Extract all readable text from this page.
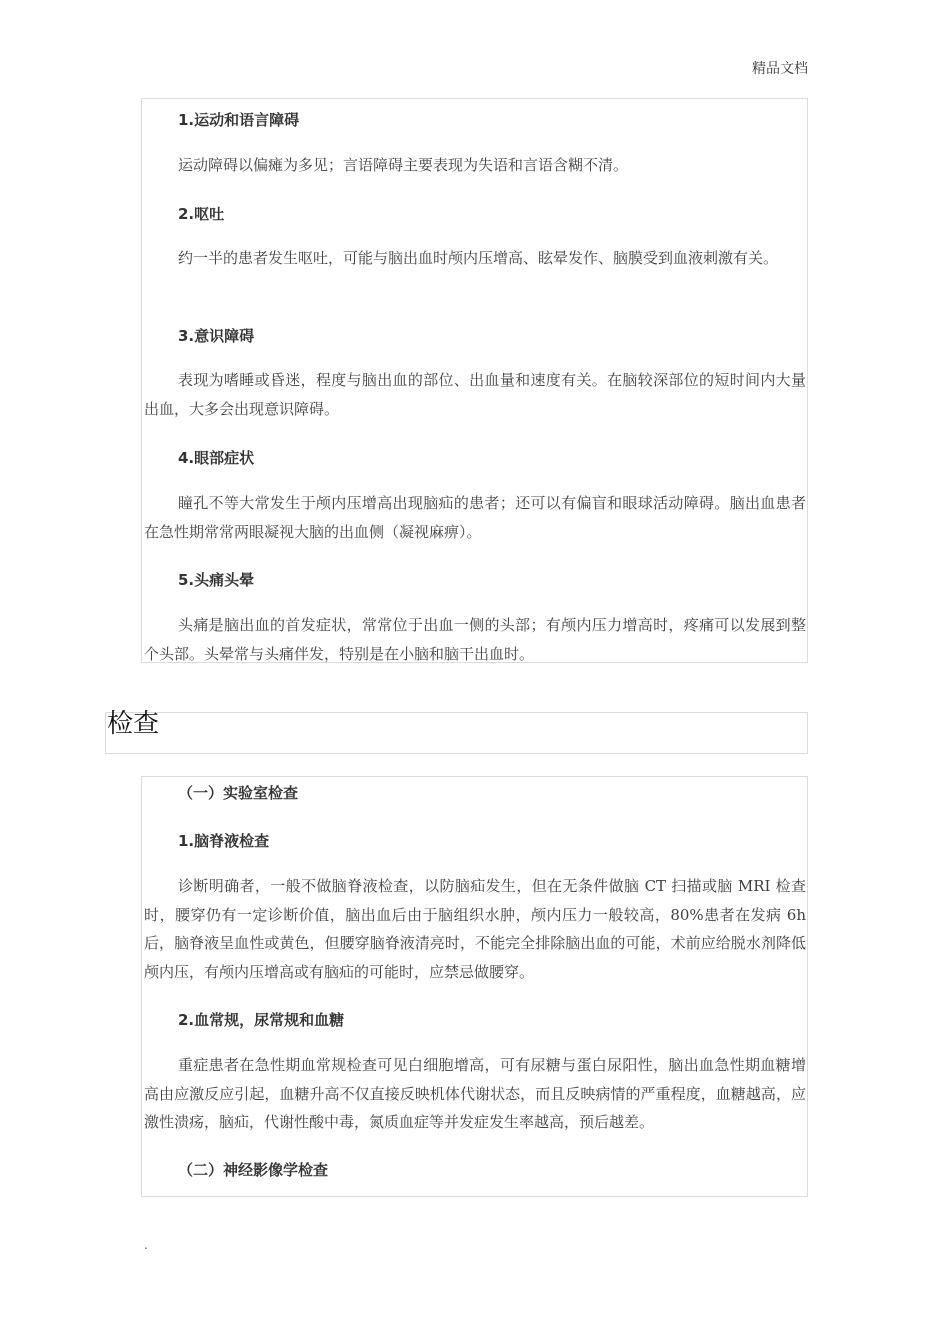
精品文档
1.运动和语言障碍

运动障碍以偏瘫为多见；言语障碍主要表现为失语和言语含糊不清。

2.呕吐

约一半的患者发生呕吐，可能与脑出血时颅内压增高、眩晕发作、脑膜受到血液刺激有关。

3.意识障碍

表现为嗜睡或昏迷，程度与脑出血的部位、出血量和速度有关。在脑较深部位的短时间内大量出血，大多会出现意识障碍。

4.眼部症状

瞳孔不等大常发生于颅内压增高出现脑疝的患者；还可以有偏盲和眼球活动障碍。脑出血患者在急性期常常两眼凝视大脑的出血侧（凝视麻痹）。

5.头痛头晕

头痛是脑出血的首发症状，常常位于出血一侧的头部；有颅内压力增高时，疼痛可以发展到整个头部。头晕常与头痛伴发，特别是在小脑和脑干出血时。

检查
（一）实验室检查
1.脑脊液检查

诊断明确者，一般不做脑脊液检查，以防脑疝发生，但在无条件做脑 CT 扫描或脑 MRI 检查时，腰穿仍有一定诊断价值，脑出血后由于脑组织水肿，颅内压力一般较高，80%患者在发病 6h 后，脑脊液呈血性或黄色，但腰穿脑脊液清亮时，不能完全排除脑出血的可能，术前应给脱水剂降低颅内压，有颅内压增高或有脑疝的可能时，应禁忌做腰穿。

2.血常规，尿常规和血糖

重症患者在急性期血常规检查可见白细胞增高，可有尿糖与蛋白尿阳性，脑出血急性期血糖增高由应激反应引起，血糖升高不仅直接反映机体代谢状态，而且反映病情的严重程度，血糖越高，应激性溃疡，脑疝，代谢性酸中毒，氮质血症等并发症发生率越高，预后越差。

（二）神经影像学检查
.
